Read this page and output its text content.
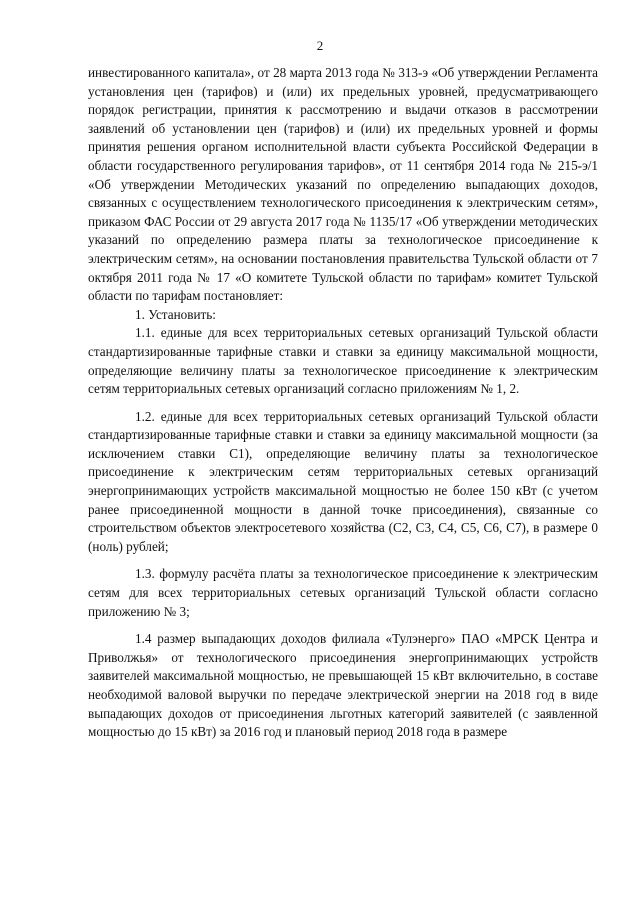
2

инвестированного капитала», от 28 марта 2013 года № 313-э «Об утверждении Регламента установления цен (тарифов) и (или) их предельных уровней, предусматривающего порядок регистрации, принятия к рассмотрению и выдачи отказов в рассмотрении заявлений об установлении цен (тарифов) и (или) их предельных уровней и формы принятия решения органом исполнительной власти субъекта Российской Федерации в области государственного регулирования тарифов», от 11 сентября 2014 года № 215-э/1 «Об утверждении Методических указаний по определению выпадающих доходов, связанных с осуществлением технологического присоединения к электрическим сетям», приказом ФАС России от 29 августа 2017 года № 1135/17 «Об утверждении методических указаний по определению размера платы за технологическое присоединение к электрическим сетям», на основании постановления правительства Тульской области от 7 октября 2011 года № 17 «О комитете Тульской области по тарифам» комитет Тульской области по тарифам постановляет:

1. Установить:

1.1. единые для всех территориальных сетевых организаций Тульской области стандартизированные тарифные ставки и ставки за единицу максимальной мощности, определяющие величину платы за технологическое присоединение к электрическим сетям территориальных сетевых организаций согласно приложениям № 1, 2.

1.2. единые для всех территориальных сетевых организаций Тульской области стандартизированные тарифные ставки и ставки за единицу максимальной мощности (за исключением ставки С1), определяющие величину платы за технологическое присоединение к электрическим сетям территориальных сетевых организаций энергопринимающих устройств максимальной мощностью не более 150 кВт (с учетом ранее присоединенной мощности в данной точке присоединения), связанные со строительством объектов электросетевого хозяйства (С2, С3, С4, С5, С6, С7), в размере 0 (ноль) рублей;

1.3. формулу расчёта платы за технологическое присоединение к электрическим сетям для всех территориальных сетевых организаций Тульской области согласно приложению № 3;

1.4 размер выпадающих доходов филиала «Тулэнерго» ПАО «МРСК Центра и Приволжья» от технологического присоединения энергопринимающих устройств заявителей максимальной мощностью, не превышающей 15 кВт включительно, в составе необходимой валовой выручки по передаче электрической энергии на 2018 год в виде выпадающих доходов от присоединения льготных категорий заявителей (с заявленной мощностью до 15 кВт) за 2016 год и плановый период 2018 года в размере
